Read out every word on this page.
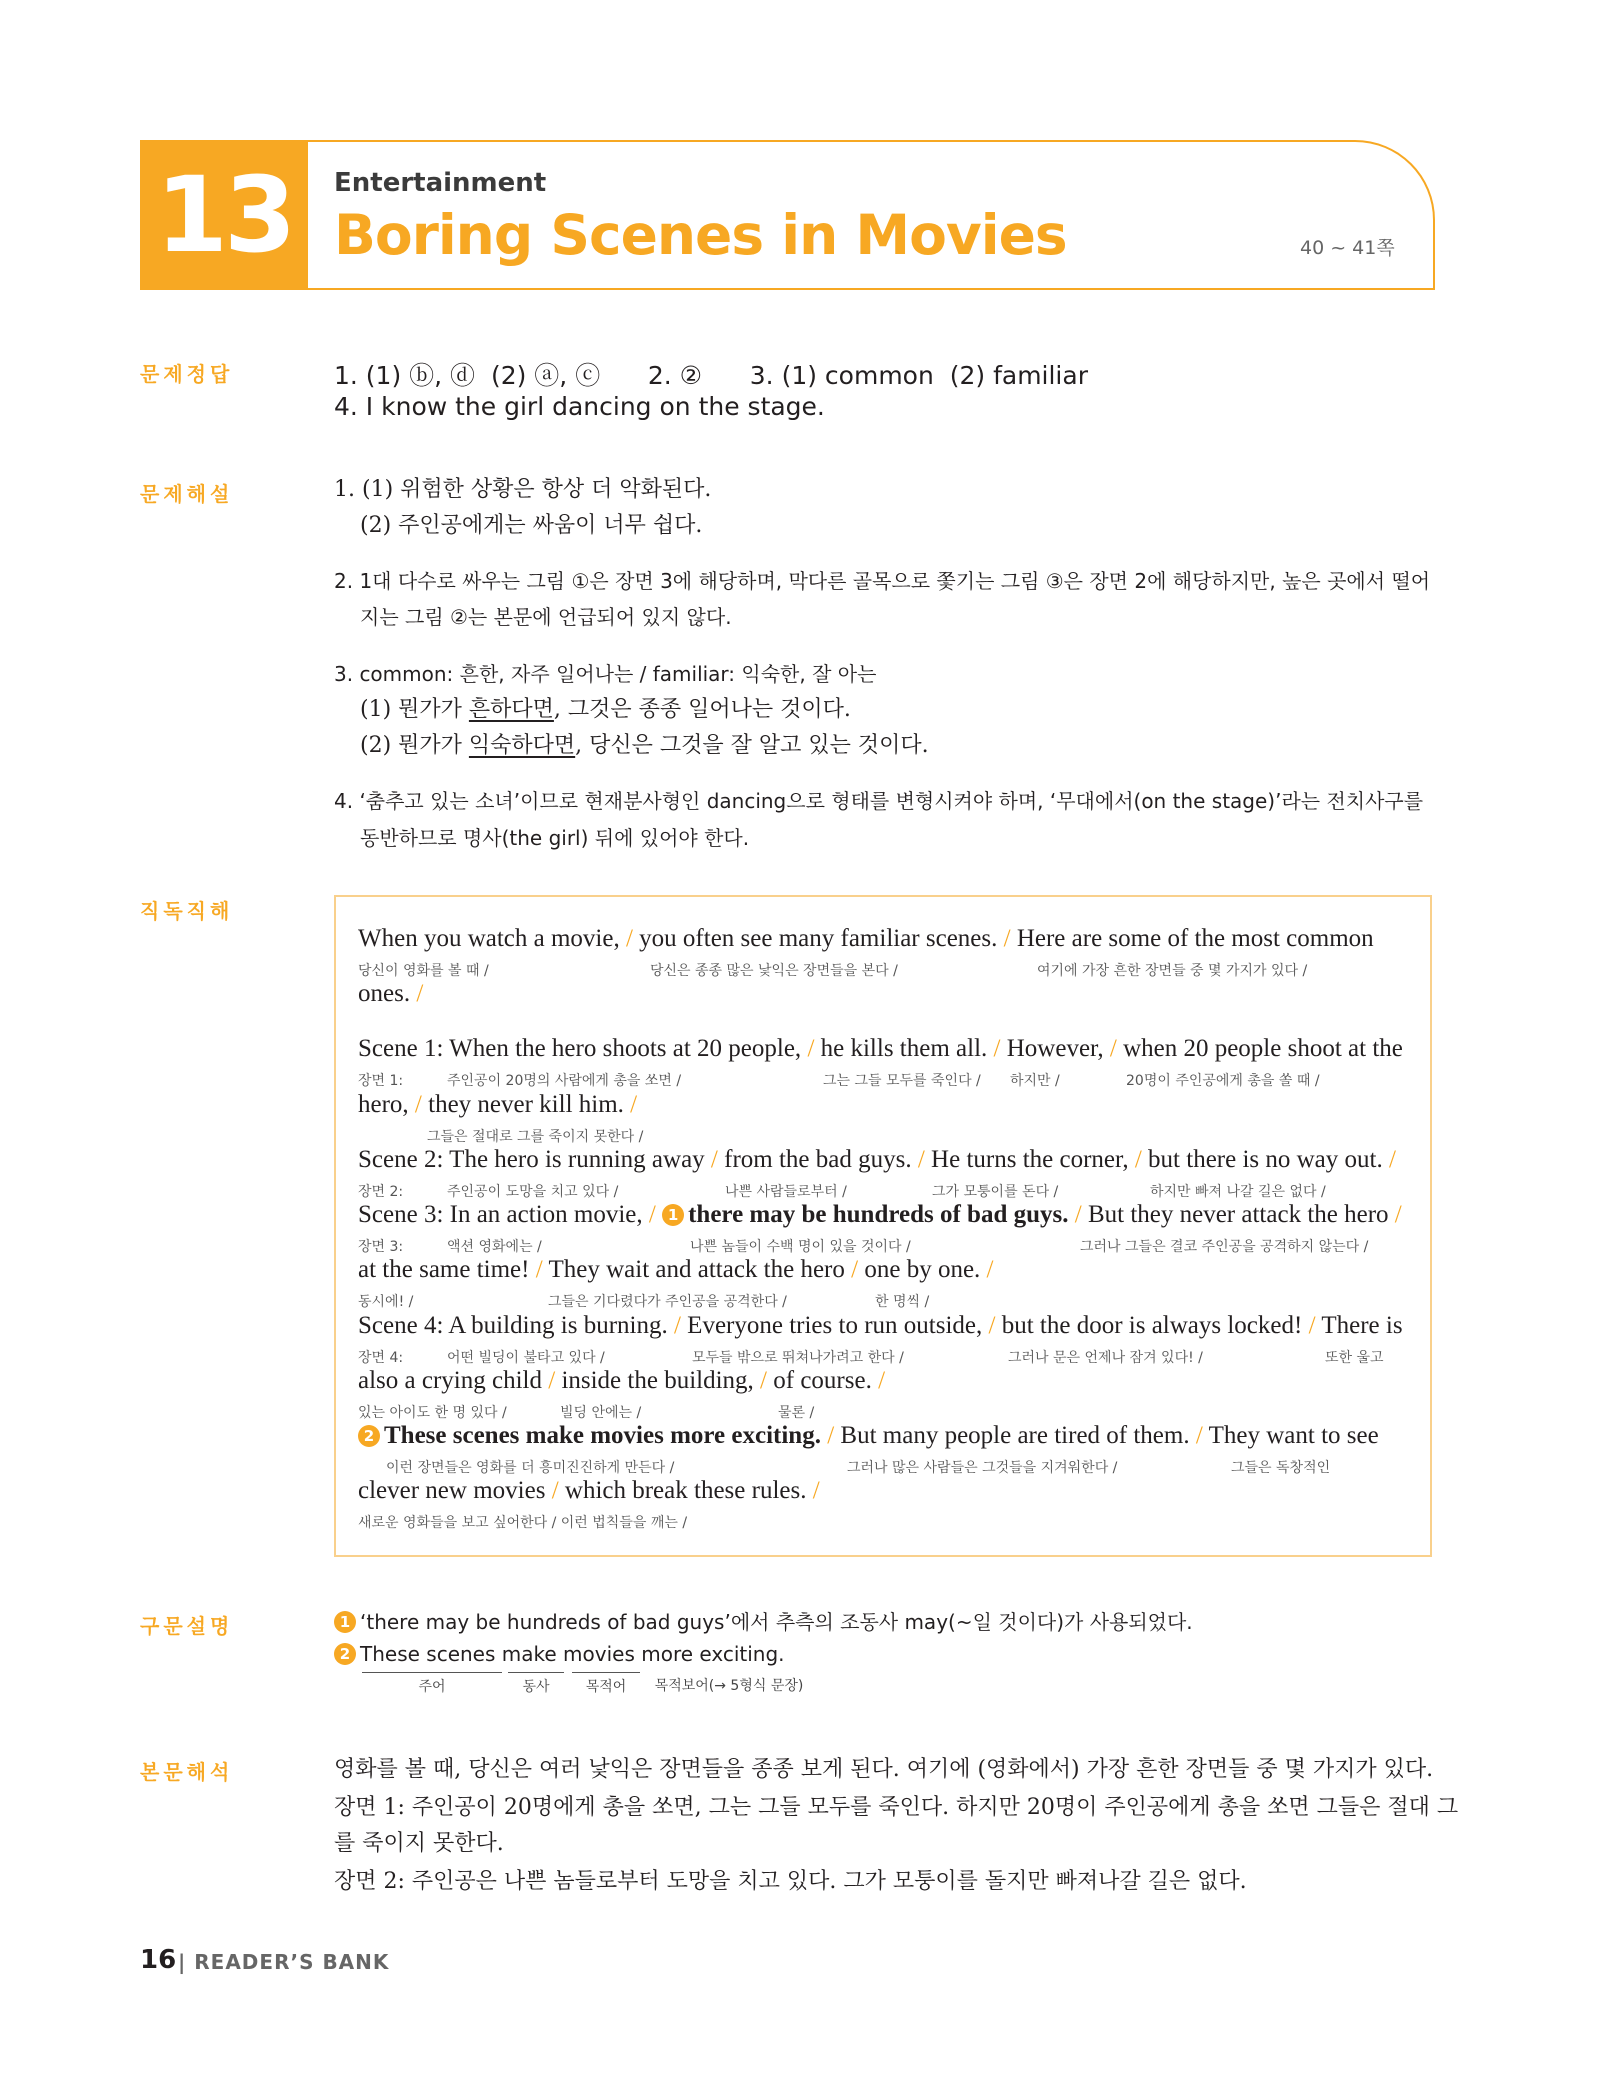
13	Entertainment
Boring Scenes in Movies	40 ~ 41쪽
문제정답	1. (1) ⓑ, ⓓ  (2) ⓐ, ⓒ      2. ②      3. (1) common  (2) familiar
4. I know the girl dancing on the stage.
문제해설	1. (1) 위험한 상황은 항상 더 악화된다.
(2) 주인공에게는 싸움이 너무 쉽다.
2. 1대 다수로 싸우는 그림 ①은 장면 3에 해당하며, 막다른 골목으로 쫓기는 그림 ③은 장면 2에 해당하지만, 높은 곳에서 떨어
지는 그림 ②는 본문에 언급되어 있지 않다.
3. common: 흔한, 자주 일어나는 / familiar: 익숙한, 잘 아는
(1) 뭔가가 흔하다면, 그것은 종종 일어나는 것이다.
(2) 뭔가가 익숙하다면, 당신은 그것을 잘 알고 있는 것이다.
4. ‘춤추고 있는 소녀’이므로 현재분사형인 dancing으로 형태를 변형시켜야 하며, ‘무대에서(on the stage)’라는 전치사구를
동반하므로 명사(the girl) 뒤에 있어야 한다.
직독직해
When you watch a movie, / you often see many familiar scenes. / Here are some of the most common
당신이 영화를 볼 때 /	당신은 종종 많은 낯익은 장면들을 본다 /	여기에 가장 흔한 장면들 중 몇 가지가 있다 /
ones. /
Scene 1: When the hero shoots at 20 people, / he kills them all. / However, / when 20 people shoot at the
장면 1:	주인공이 20명의 사람에게 총을 쏘면 /	그는 그들 모두를 죽인다 / 하지만 /	20명이 주인공에게 총을 쏠 때 /
hero, / they never kill him. /
그들은 절대로 그를 죽이지 못한다 /
Scene 2: The hero is running away / from the bad guys. / He turns the corner, / but there is no way out. /
장면 2:	주인공이 도망을 치고 있다 /	나쁜 사람들로부터 /	그가 모퉁이를 돈다 /	하지만 빠져 나갈 길은 없다 /
Scene 3: In an action movie, / 1 there may be hundreds of bad guys. / But they never attack the hero /
장면 3:	액션 영화에는 /	나쁜 놈들이 수백 명이 있을 것이다 /	그러나 그들은 결코 주인공을 공격하지 않는다 /
at the same time! / They wait and attack the hero / one by one. /
동시에! /	그들은 기다렸다가 주인공을 공격한다 /	한 명씩 /
Scene 4: A building is burning. / Everyone tries to run outside, / but the door is always locked! / There is
장면 4:	어떤 빌딩이 불타고 있다 /	모두들 밖으로 뛰쳐나가려고 한다 /	그러나 문은 언제나 잠겨 있다! /	또한 울고
also a crying child / inside the building, / of course. /
있는 아이도 한 명 있다 /	빌딩 안에는 /	물론 /
2 These scenes make movies more exciting. / But many people are tired of them. / They want to see
이런 장면들은 영화를 더 흥미진진하게 만든다 /	그러나 많은 사람들은 그것들을 지겨워한다 /	그들은 독창적인
clever new movies / which break these rules. /
새로운 영화들을 보고 싶어한다 / 이런 법칙들을 깨는 /
구문설명	1 ‘there may be hundreds of bad guys’에서 추측의 조동사 may(~일 것이다)가 사용되었다.
2 These scenes make movies more exciting.
주어	동사	목적어	목적보어(→ 5형식 문장)
본문해석	영화를 볼 때, 당신은 여러 낯익은 장면들을 종종 보게 된다. 여기에 (영화에서) 가장 흔한 장면들 중 몇 가지가 있다.
장면 1: 주인공이 20명에게 총을 쏘면, 그는 그들 모두를 죽인다. 하지만 20명이 주인공에게 총을 쏘면 그들은 절대 그
를 죽이지 못한다.
장면 2: 주인공은 나쁜 놈들로부터 도망을 치고 있다. 그가 모퉁이를 돌지만 빠져나갈 길은 없다.
16 | READER’S BANK
